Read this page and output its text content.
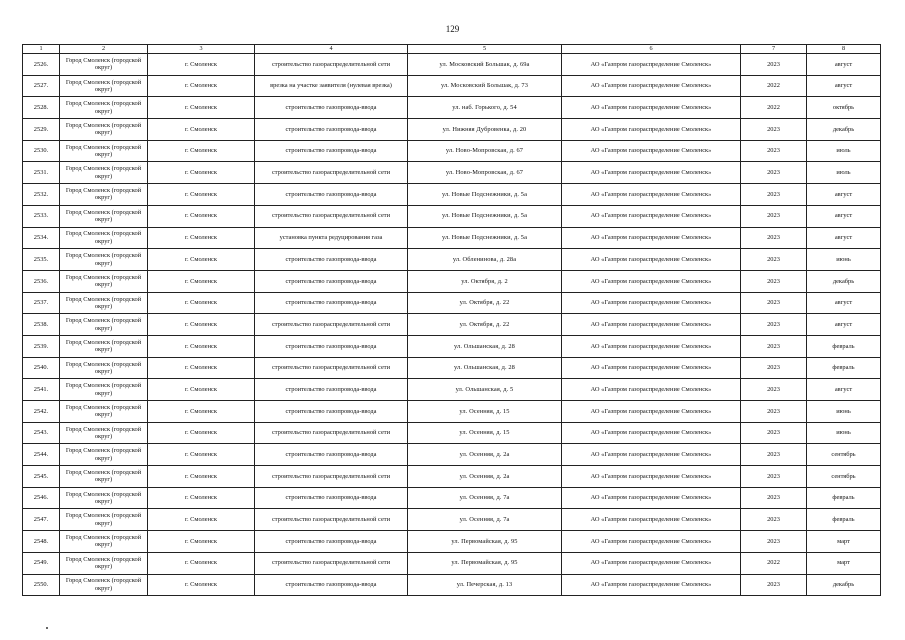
129
1	2	3	4	5	6	7	8
2526.	Город Смоленск (городской округ)	г. Смоленск	строительство газораспределительной сети	ул. Московский Большак, д. 69а	АО «Газпром газораспределение Смоленск»	2023	август
2527.	Город Смоленск (городской округ)	г. Смоленск	врезка на участке заявителя (нулевая врезка)	ул. Московский Большак, д. 73	АО «Газпром газораспределение Смоленск»	2022	август
2528.	Город Смоленск (городской округ)	г. Смоленск	строительство газопровода-ввода	ул. наб. Горького, д. 54	АО «Газпром газораспределение Смоленск»	2022	октябрь
2529.	Город Смоленск (городской округ)	г. Смоленск	строительство газопровода-ввода	ул. Нижняя Дубровенка, д. 20	АО «Газпром газораспределение Смоленск»	2023	декабрь
2530.	Город Смоленск (городской округ)	г. Смоленск	строительство газопровода-ввода	ул. Ново-Мопровская, д. 67	АО «Газпром газораспределение Смоленск»	2023	июль
2531.	Город Смоленск (городской округ)	г. Смоленск	строительство газораспределительной сети	ул. Ново-Мопровская, д. 67	АО «Газпром газораспределение Смоленск»	2023	июль
2532.	Город Смоленск (городской округ)	г. Смоленск	строительство газопровода-ввода	ул. Новые Подснежники, д. 5а	АО «Газпром газораспределение Смоленск»	2023	август
2533.	Город Смоленск (городской округ)	г. Смоленск	строительство газораспределительной сети	ул. Новые Подснежники, д. 5а	АО «Газпром газораспределение Смоленск»	2023	август
2534.	Город Смоленск (городской округ)	г. Смоленск	установка пункта редуцирования газа	ул. Новые Подснежники, д. 5а	АО «Газпром газораспределение Смоленск»	2023	август
2535.	Город Смоленск (городской округ)	г. Смоленск	строительство газопровода-ввода	ул. Обленинова, д. 28а	АО «Газпром газораспределение Смоленск»	2023	июнь
2536.	Город Смоленск (городской округ)	г. Смоленск	строительство газопровода-ввода	ул. Октября, д. 2	АО «Газпром газораспределение Смоленск»	2023	декабрь
2537.	Город Смоленск (городской округ)	г. Смоленск	строительство газопровода-ввода	ул. Октября, д. 22	АО «Газпром газораспределение Смоленск»	2023	август
2538.	Город Смоленск (городской округ)	г. Смоленск	строительство газораспределительной сети	ул. Октября, д. 22	АО «Газпром газораспределение Смоленск»	2023	август
2539.	Город Смоленск (городской округ)	г. Смоленск	строительство газопровода-ввода	ул. Ольшанская, д. 28	АО «Газпром газораспределение Смоленск»	2023	февраль
2540.	Город Смоленск (городской округ)	г. Смоленск	строительство газораспределительной сети	ул. Ольшанская, д. 28	АО «Газпром газораспределение Смоленск»	2023	февраль
2541.	Город Смоленск (городской округ)	г. Смоленск	строительство газопровода-ввода	ул. Ольшанская, д. 5	АО «Газпром газораспределение Смоленск»	2023	август
2542.	Город Смоленск (городской округ)	г. Смоленск	строительство газопровода-ввода	ул. Осенняя, д. 15	АО «Газпром газораспределение Смоленск»	2023	июнь
2543.	Город Смоленск (городской округ)	г. Смоленск	строительство газораспределительной сети	ул. Осенняя, д. 15	АО «Газпром газораспределение Смоленск»	2023	июнь
2544.	Город Смоленск (городской округ)	г. Смоленск	строительство газопровода-ввода	ул. Осенняя, д. 2а	АО «Газпром газораспределение Смоленск»	2023	сентябрь
2545.	Город Смоленск (городской округ)	г. Смоленск	строительство газораспределительной сети	ул. Осенняя, д. 2а	АО «Газпром газораспределение Смоленск»	2023	сентябрь
2546.	Город Смоленск (городской округ)	г. Смоленск	строительство газопровода-ввода	ул. Осенняя, д. 7а	АО «Газпром газораспределение Смоленск»	2023	февраль
2547.	Город Смоленск (городской округ)	г. Смоленск	строительство газораспределительной сети	ул. Осенняя, д. 7а	АО «Газпром газораспределение Смоленск»	2023	февраль
2548.	Город Смоленск (городской округ)	г. Смоленск	строительство газопровода-ввода	ул. Первомайская, д. 95	АО «Газпром газораспределение Смоленск»	2023	март
2549.	Город Смоленск (городской округ)	г. Смоленск	строительство газораспределительной сети	ул. Первомайская, д. 95	АО «Газпром газораспределение Смоленск»	2022	март
2550.	Город Смоленск (городской округ)	г. Смоленск	строительство газопровода-ввода	ул. Печерская, д. 13	АО «Газпром газораспределение Смоленск»	2023	декабрь
